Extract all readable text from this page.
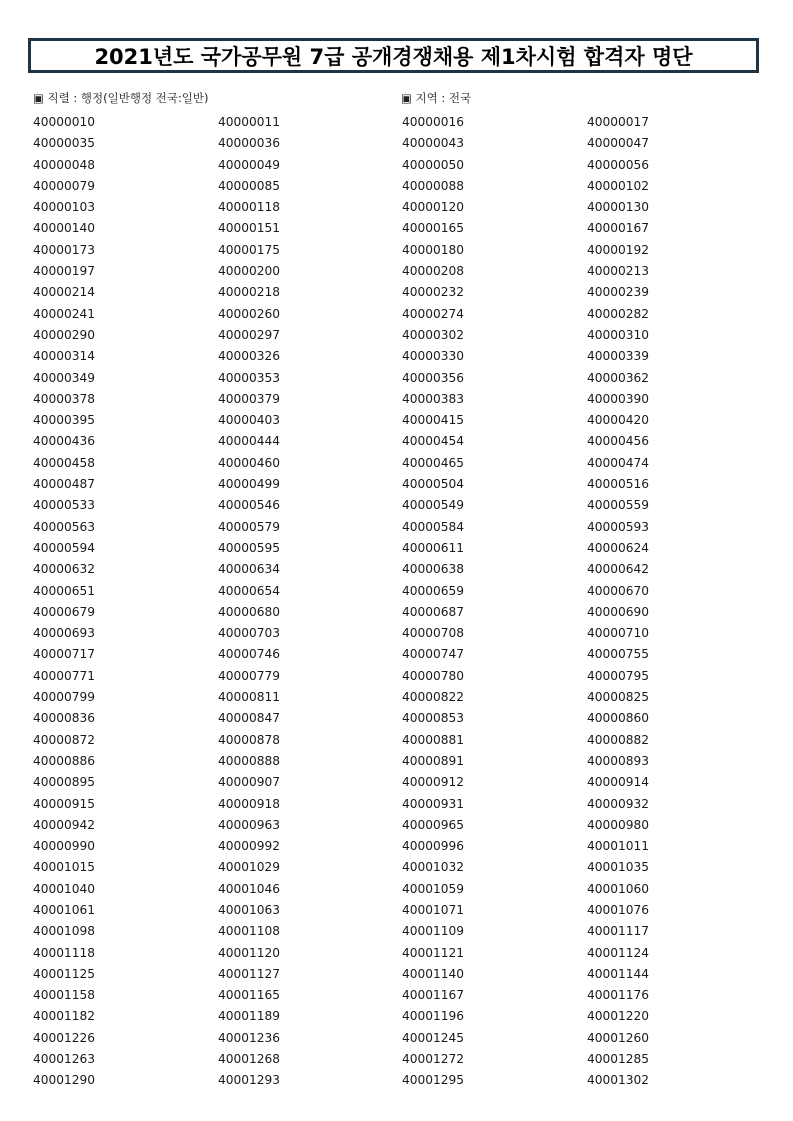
2021년도 국가공무원 7급 공개경쟁채용 제1차시험 합격자 명단
▣ 직렬 : 행정(일반행정 전국:일반)	▣ 지역 : 전국
40000010	40000011	40000016	40000017
40000035	40000036	40000043	40000047
40000048	40000049	40000050	40000056
40000079	40000085	40000088	40000102
40000103	40000118	40000120	40000130
40000140	40000151	40000165	40000167
40000173	40000175	40000180	40000192
40000197	40000200	40000208	40000213
40000214	40000218	40000232	40000239
40000241	40000260	40000274	40000282
40000290	40000297	40000302	40000310
40000314	40000326	40000330	40000339
40000349	40000353	40000356	40000362
40000378	40000379	40000383	40000390
40000395	40000403	40000415	40000420
40000436	40000444	40000454	40000456
40000458	40000460	40000465	40000474
40000487	40000499	40000504	40000516
40000533	40000546	40000549	40000559
40000563	40000579	40000584	40000593
40000594	40000595	40000611	40000624
40000632	40000634	40000638	40000642
40000651	40000654	40000659	40000670
40000679	40000680	40000687	40000690
40000693	40000703	40000708	40000710
40000717	40000746	40000747	40000755
40000771	40000779	40000780	40000795
40000799	40000811	40000822	40000825
40000836	40000847	40000853	40000860
40000872	40000878	40000881	40000882
40000886	40000888	40000891	40000893
40000895	40000907	40000912	40000914
40000915	40000918	40000931	40000932
40000942	40000963	40000965	40000980
40000990	40000992	40000996	40001011
40001015	40001029	40001032	40001035
40001040	40001046	40001059	40001060
40001061	40001063	40001071	40001076
40001098	40001108	40001109	40001117
40001118	40001120	40001121	40001124
40001125	40001127	40001140	40001144
40001158	40001165	40001167	40001176
40001182	40001189	40001196	40001220
40001226	40001236	40001245	40001260
40001263	40001268	40001272	40001285
40001290	40001293	40001295	40001302
